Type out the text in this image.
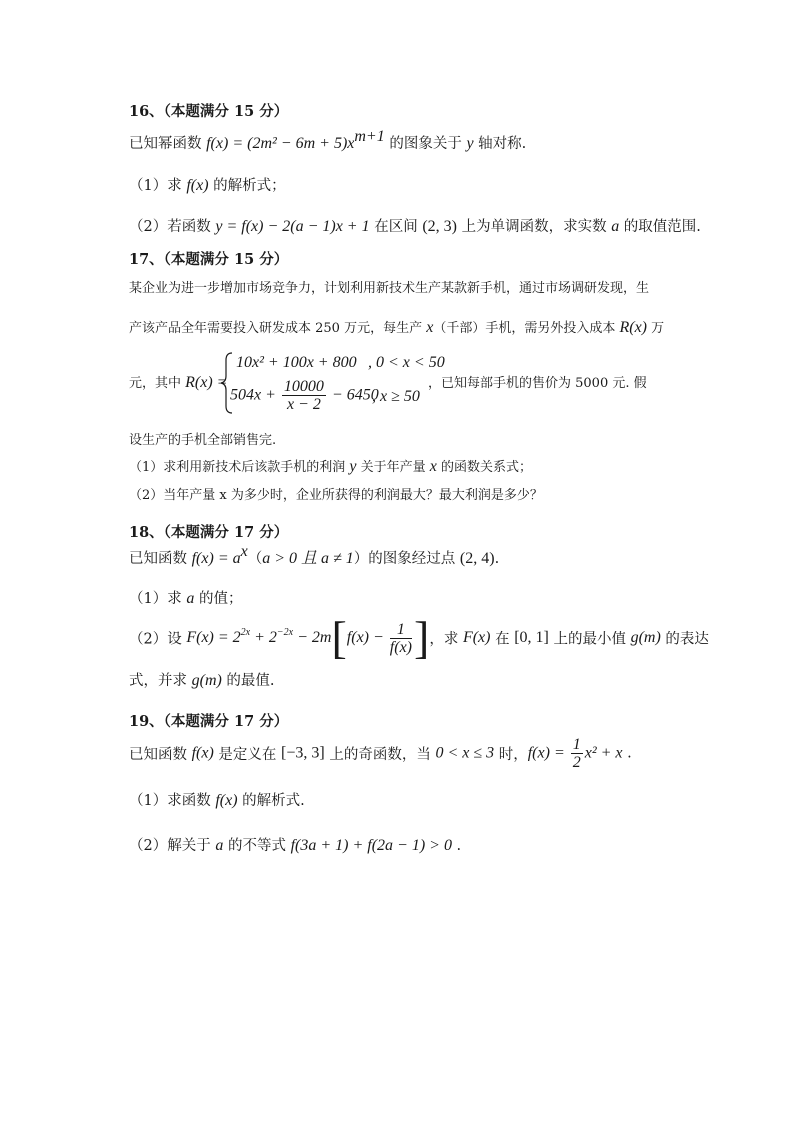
16、（本题满分 15 分）
已知幂函数 $f(x) = (2m^2 - 6m + 5)x^{m+1}$ 的图象关于 y 轴对称.
（1）求 f(x) 的解析式；
（2）若函数 y = f(x) − 2(a − 1)x + 1 在区间 (2, 3) 上为单调函数，求实数 a 的取值范围.
17、（本题满分 15 分）
某企业为进一步增加市场竞争力，计划利用新技术生产某款新手机，通过市场调研发现，生
产该产品全年需要投入研发成本 250 万元，每生产 x（千部）手机，需另外投入成本 R(x) 万
元，其中 R(x) =
10x² + 100x + 800 , 0 < x < 50
$504x + \frac{10000}{x - 2} - 6450$
, x ≥ 50
，已知每部手机的售价为 5000 元. 假
设生产的手机全部销售完.
（1）求利用新技术后该款手机的利润 y 关于年产量 x 的函数关系式；
（2）当年产量 x 为多少时，企业所获得的利润最大？最大利润是多少？
18、（本题满分 17 分）
已知函数 $f(x) = a^x(a > 0$ 且 a ≠ 1）的图象经过点 (2, 4).
（1）求 a 的值；
（2）设 $F(x) = 2^{2x} + 2^{-2x} - 2m[f(x) - \frac{1}{f(x)}$ ]，求 F(x) 在 [0, 1] 上的最小值 g(m) 的表达
式，并求 g(m) 的最值.
19、（本题满分 17 分）
已知函数 f(x) 是定义在 [−3, 3] 上的奇函数，当 0 < x ≤ 3 时，$f(x) = \frac{1}{2} x^2 + x$ .
（1）求函数 f(x) 的解析式.
（2）解关于 a 的不等式 f(3a + 1) + f(2a − 1) > 0 .
